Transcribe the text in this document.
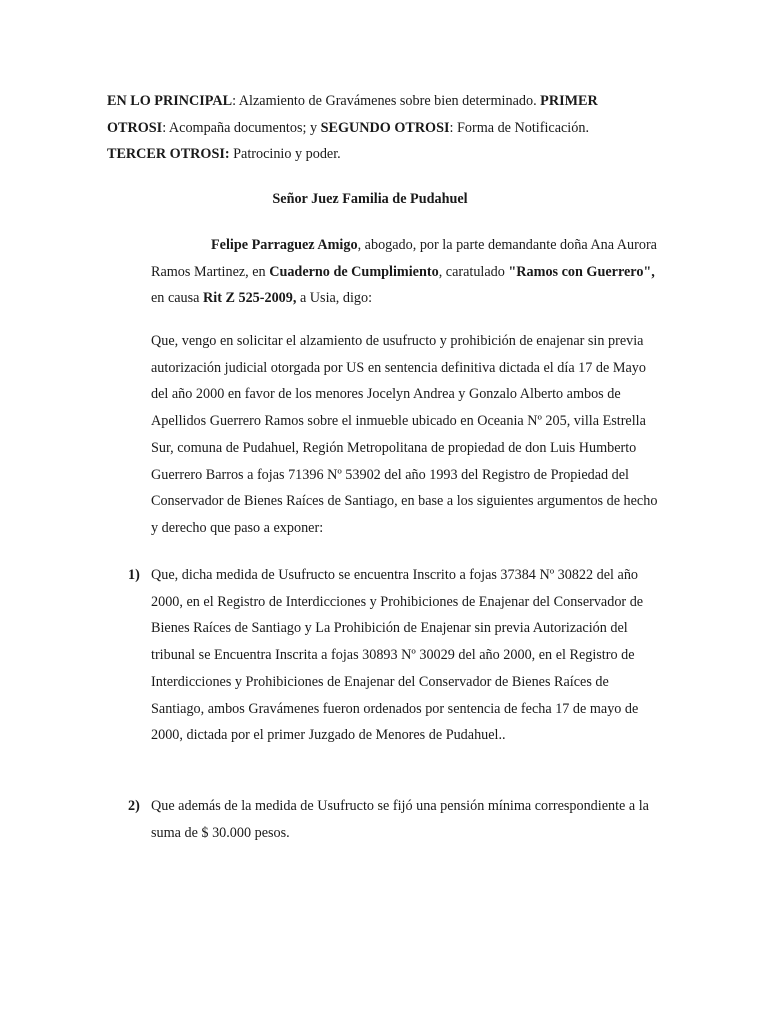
EN LO PRINCIPAL: Alzamiento de Gravámenes sobre bien determinado. PRIMER OTROSI: Acompaña documentos; y SEGUNDO OTROSI: Forma de Notificación. TERCER OTROSI: Patrocinio y poder.
Señor Juez Familia de Pudahuel
Felipe Parraguez Amigo, abogado, por la parte demandante doña Ana Aurora Ramos Martinez, en Cuaderno de Cumplimiento, caratulado "Ramos con Guerrero", en causa Rit Z 525-2009, a Usia, digo:
Que, vengo en solicitar el alzamiento de usufructo y prohibición de enajenar sin previa autorización judicial otorgada por US en sentencia definitiva dictada el día 17 de Mayo del año 2000 en favor de los menores Jocelyn Andrea y Gonzalo Alberto ambos de Apellidos Guerrero Ramos sobre el inmueble ubicado en Oceania Nº 205, villa Estrella Sur, comuna de Pudahuel, Región Metropolitana de propiedad de don Luis Humberto Guerrero Barros a fojas 71396 Nº 53902 del año 1993 del Registro de Propiedad del Conservador de Bienes Raíces de Santiago, en base a los siguientes argumentos de hecho y derecho que paso a exponer:
1) Que, dicha medida de Usufructo se encuentra Inscrito a fojas 37384 Nº 30822 del año 2000, en el Registro de Interdicciones y Prohibiciones de Enajenar del Conservador de Bienes Raíces de Santiago y La Prohibición de Enajenar sin previa Autorización del tribunal se Encuentra Inscrita a fojas 30893 Nº 30029 del año 2000, en el Registro de Interdicciones y Prohibiciones de Enajenar del Conservador de Bienes Raíces de Santiago, ambos Gravámenes fueron ordenados por sentencia de fecha 17 de mayo de 2000, dictada por el primer Juzgado de Menores de Pudahuel..
2) Que además de la medida de Usufructo se fijó una pensión mínima correspondiente a la suma de $ 30.000 pesos.
